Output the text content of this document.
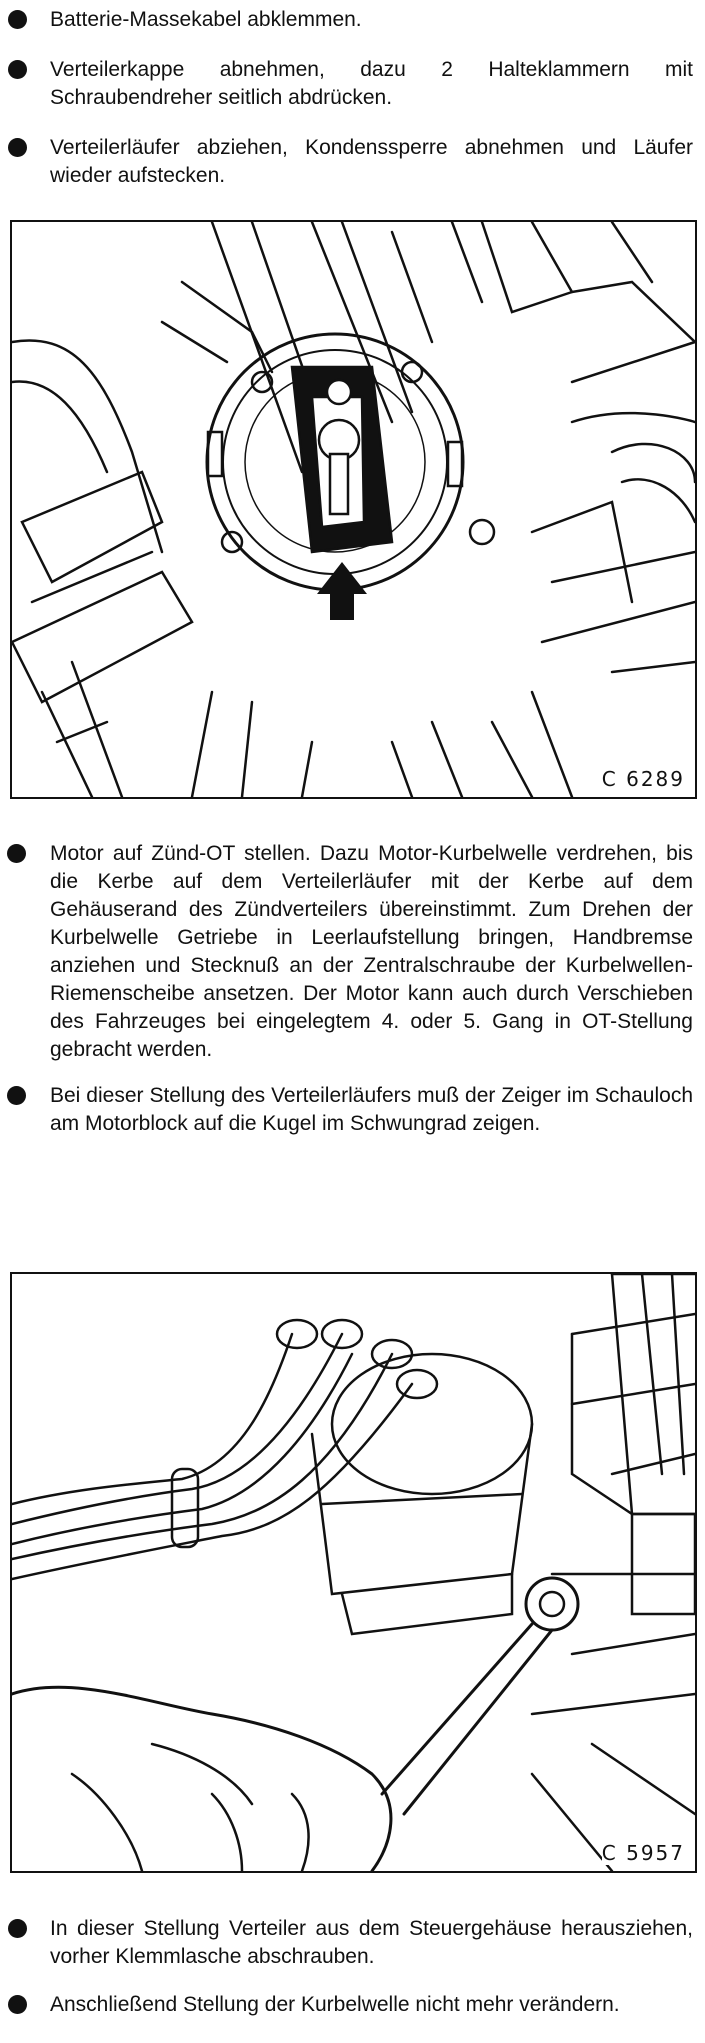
Batterie-Massekabel abklemmen.
Verteilerkappe abnehmen, dazu 2 Halteklammern mit Schraubendreher seitlich abdrücken.
Verteilerläufer abziehen, Kondenssperre abnehmen und Läufer wieder aufstecken.
C 6289
Motor auf Zünd-OT stellen. Dazu Motor-Kurbelwelle verdrehen, bis die Kerbe auf dem Verteilerläufer mit der Kerbe auf dem Gehäuserand des Zündverteilers übereinstimmt. Zum Drehen der Kurbelwelle Getriebe in Leerlaufstellung bringen, Handbremse anziehen und Stecknuß an der Zentralschraube der Kurbelwellen-Riemenscheibe ansetzen. Der Motor kann auch durch Verschieben des Fahrzeuges bei eingelegtem 4. oder 5. Gang in OT-Stellung gebracht werden.
Bei dieser Stellung des Verteilerläufers muß der Zeiger im Schauloch am Motorblock auf die Kugel im Schwungrad zeigen.
C 5957
In dieser Stellung Verteiler aus dem Steuergehäuse herausziehen, vorher Klemmlasche abschrauben.
Anschließend Stellung der Kurbelwelle nicht mehr verändern.
